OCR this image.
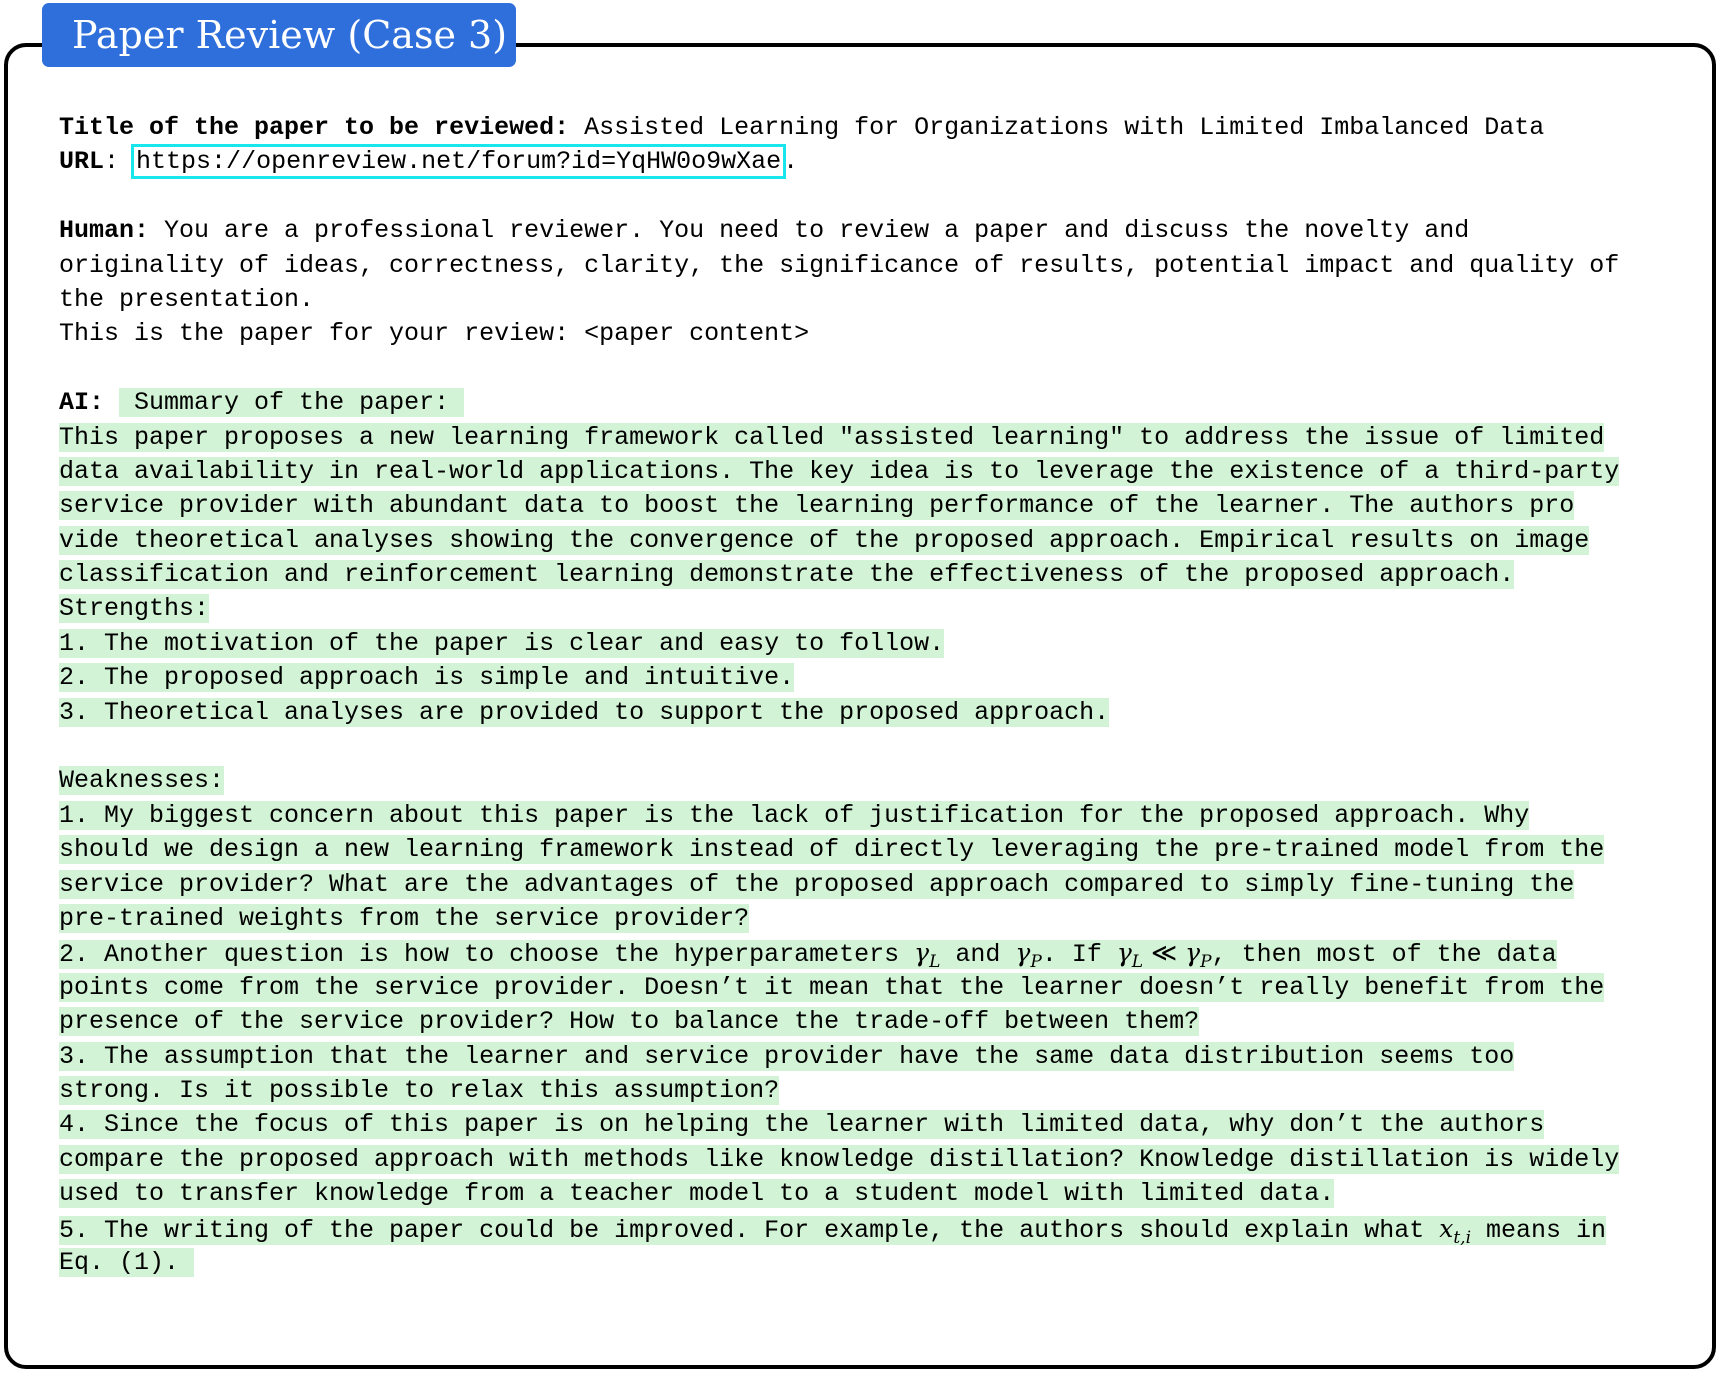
Paper Review (Case 3)
Title of the paper to be reviewed: Assisted Learning for Organizations with Limited Imbalanced Data
URL: https://openreview.net/forum?id=YqHW0o9wXae.
Human: You are a professional reviewer. You need to review a paper and discuss the novelty and
originality of ideas, correctness, clarity, the significance of results, potential impact and quality of
the presentation.
This is the paper for your review: <paper content>
AI:  Summary of the paper:
This paper proposes a new learning framework called "assisted learning" to address the issue of limited
data availability in real-world applications. The key idea is to leverage the existence of a third-party
service provider with abundant data to boost the learning performance of the learner. The authors pro
vide theoretical analyses showing the convergence of the proposed approach. Empirical results on image
classification and reinforcement learning demonstrate the effectiveness of the proposed approach.
Strengths:
1. The motivation of the paper is clear and easy to follow.
2. The proposed approach is simple and intuitive.
3. Theoretical analyses are provided to support the proposed approach.
Weaknesses:
1. My biggest concern about this paper is the lack of justification for the proposed approach. Why
should we design a new learning framework instead of directly leveraging the pre-trained model from the
service provider? What are the advantages of the proposed approach compared to simply fine-tuning the
pre-trained weights from the service provider?
2. Another question is how to choose the hyperparameters $\gamma_L$ and $\gamma_P$. If $\gamma_L$ ≪ $\gamma_P$, then most of the data
points come from the service provider. Doesn’t it mean that the learner doesn’t really benefit from the
presence of the service provider? How to balance the trade-off between them?
3. The assumption that the learner and service provider have the same data distribution seems too
strong. Is it possible to relax this assumption?
4. Since the focus of this paper is on helping the learner with limited data, why don’t the authors
compare the proposed approach with methods like knowledge distillation? Knowledge distillation is widely
used to transfer knowledge from a teacher model to a student model with limited data.
5. The writing of the paper could be improved. For example, the authors should explain what $x_{t,i}$ means in
Eq. (1).
